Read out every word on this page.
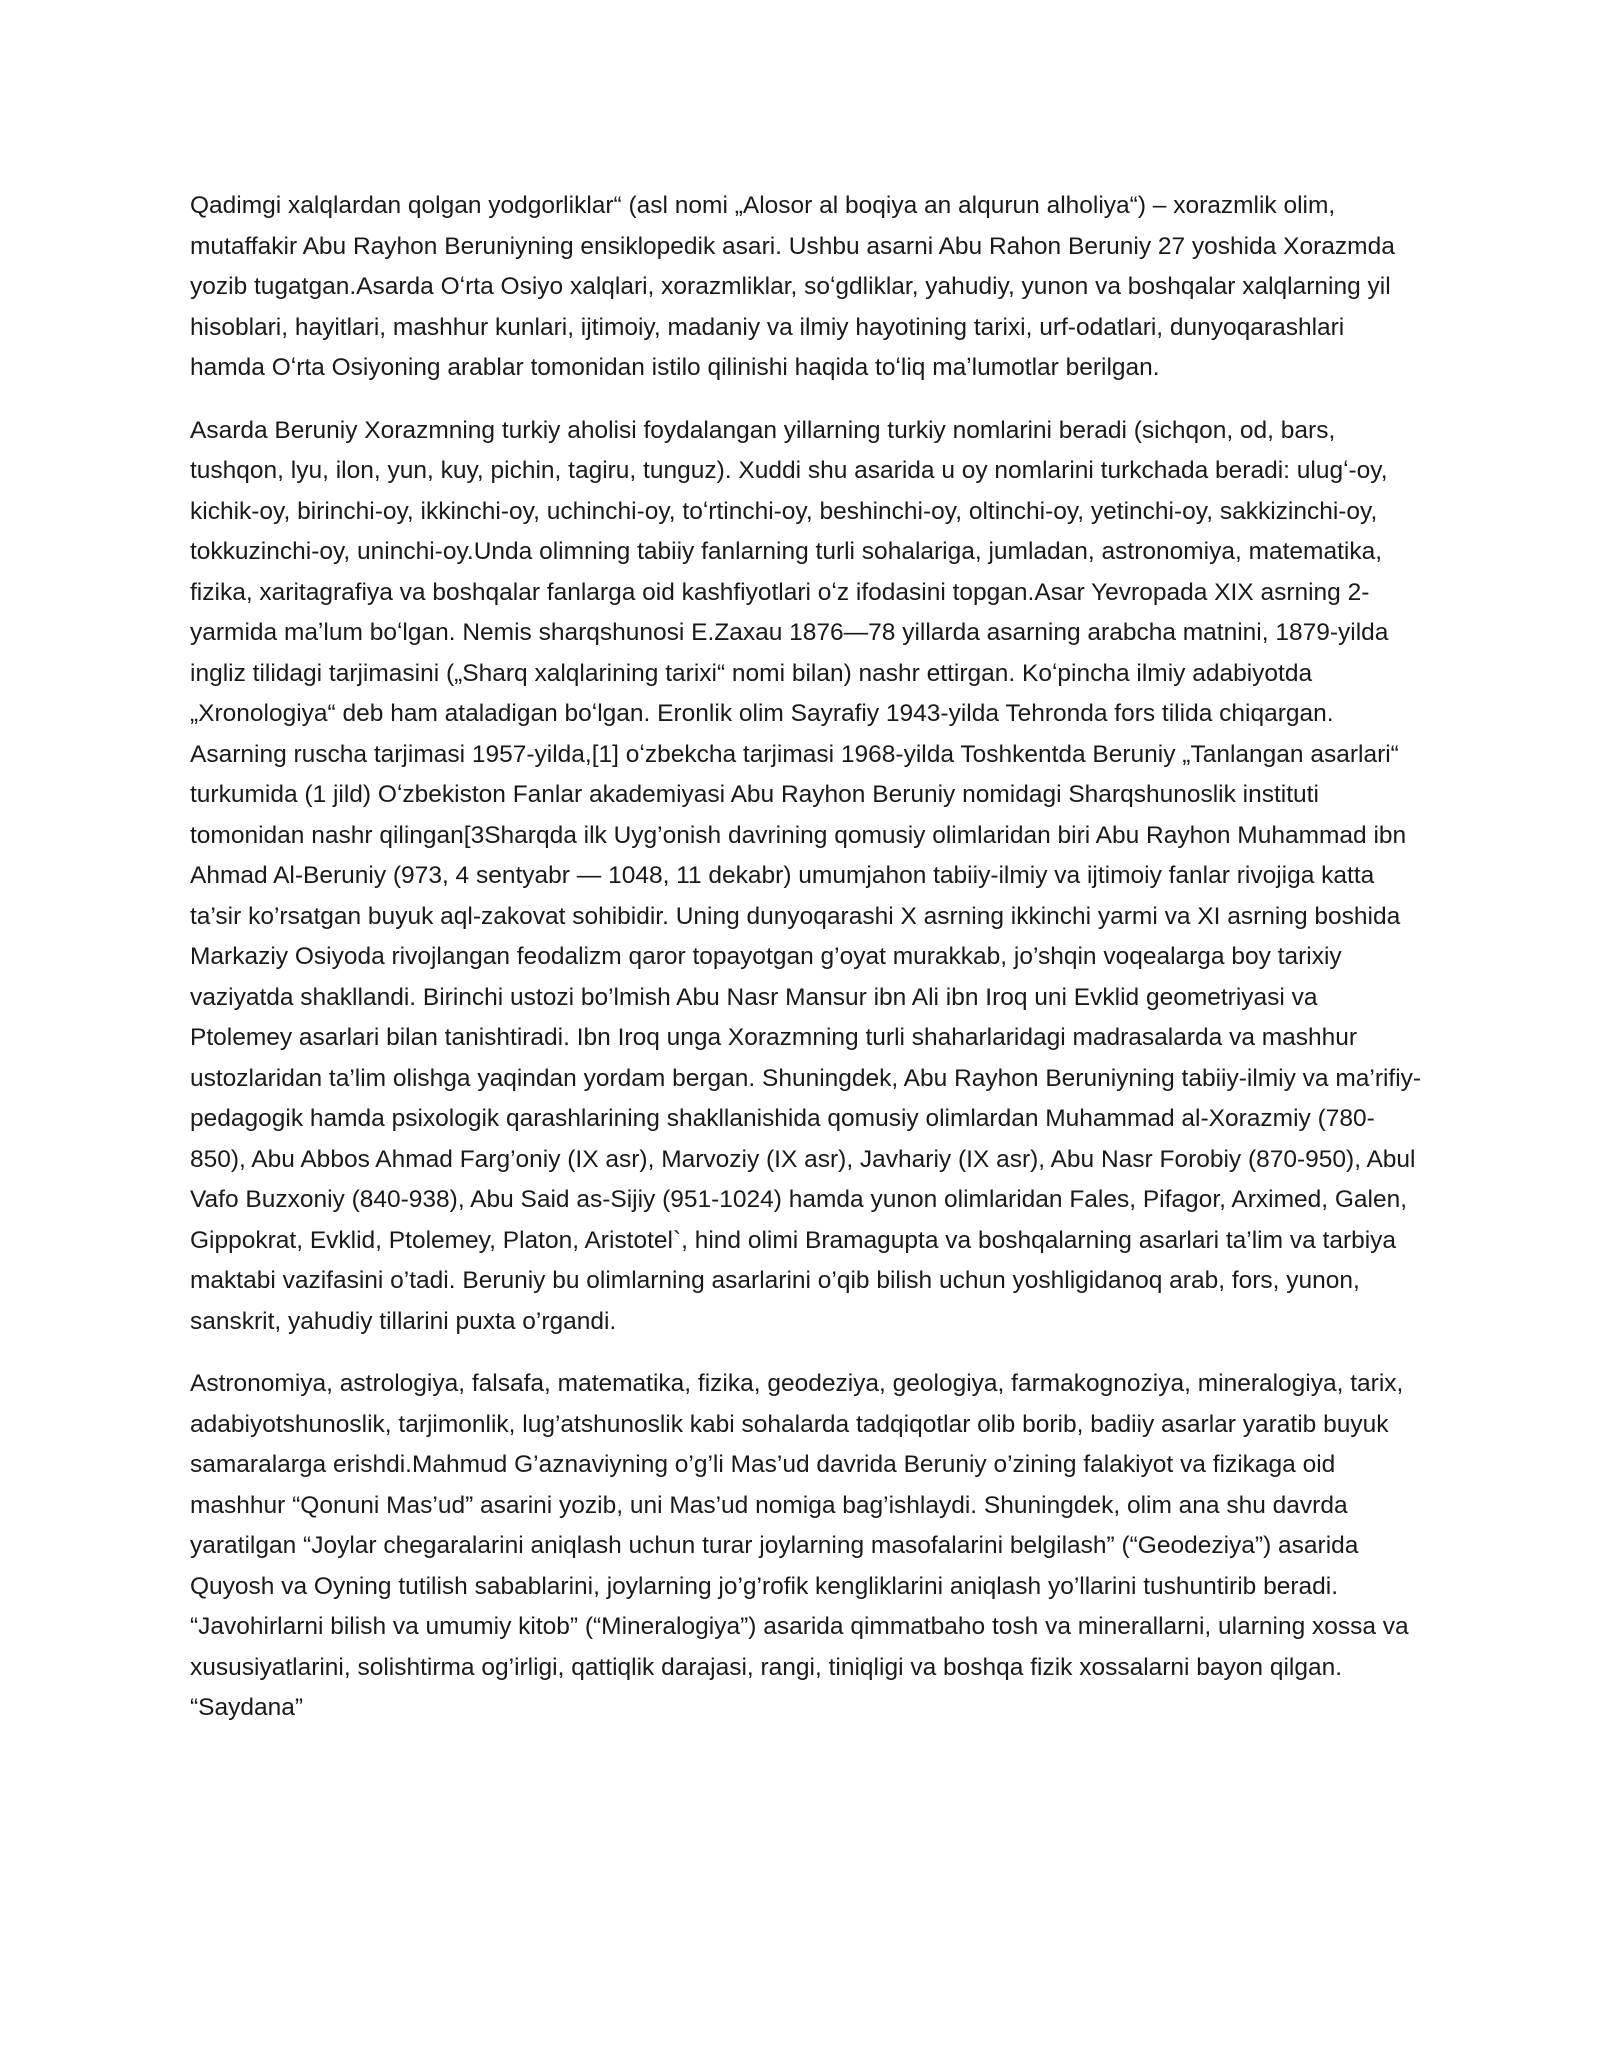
Qadimgi xalqlardan qolgan yodgorliklar“ (asl nomi „Alosor al boqiya an alqurun alholiya“) – xorazmlik olim, mutaffakir Abu Rayhon Beruniyning ensiklopedik asari. Ushbu asarni Abu Rahon Beruniy 27 yoshida Xorazmda yozib tugatgan.Asarda Oʻrta Osiyo xalqlari, xorazmliklar, soʻgdliklar, yahudiy, yunon va boshqalar xalqlarning yil hisoblari, hayitlari, mashhur kunlari, ijtimoiy, madaniy va ilmiy hayotining tarixi, urf-odatlari, dunyoqarashlari hamda Oʻrta Osiyoning arablar tomonidan istilo qilinishi haqida toʻliq maʼlumotlar berilgan.

Asarda Beruniy Xorazmning turkiy aholisi foydalangan yillarning turkiy nomlarini beradi (sichqon, od, bars, tushqon, lyu, ilon, yun, kuy, pichin, tagiru, tunguz). Xuddi shu asarida u oy nomlarini turkchada beradi: ulugʻ-oy, kichik-oy, birinchi-oy, ikkinchi-oy, uchinchi-oy, toʻrtinchi-oy, beshinchi-oy, oltinchi-oy, yetinchi-oy, sakkizinchi-oy, tokkuzinchi-oy, uninchi-oy.Unda olimning tabiiy fanlarning turli sohalariga, jumladan, astronomiya, matematika, fizika, xaritagrafiya va boshqalar fanlarga oid kashfiyotlari oʻz ifodasini topgan.Asar Yevropada XIX asrning 2-yarmida maʼlum boʻlgan. Nemis sharqshunosi E.Zaxau 1876—78 yillarda asarning arabcha matnini, 1879-yilda ingliz tilidagi tarjimasini („Sharq xalqlarining tarixi“ nomi bilan) nashr ettirgan. Koʻpincha ilmiy adabiyotda „Xronologiya“ deb ham ataladigan boʻlgan. Eronlik olim Sayrafiy 1943-yilda Tehronda fors tilida chiqargan. Asarning ruscha tarjimasi 1957-yilda,[1] oʻzbekcha tarjimasi 1968-yilda Toshkentda Beruniy „Tanlangan asarlari“ turkumida (1 jild) Oʻzbekiston Fanlar akademiyasi Abu Rayhon Beruniy nomidagi Sharqshunoslik instituti tomonidan nashr qilingan[3Sharqda ilk Uyg’onish davrining qomusiy olimlaridan biri Abu Rayhon Muhammad ibn Ahmad Al-Beruniy (973, 4 sentyabr — 1048, 11 dekabr) umumjahon tabiiy-ilmiy va ijtimoiy fanlar rivojiga katta ta’sir ko’rsatgan buyuk aql-zakovat sohibidir. Uning dunyoqarashi X asrning ikkinchi yarmi va XI asrning boshida Markaziy Osiyoda rivojlangan feodalizm qaror topayotgan g’oyat murakkab, jo’shqin voqealarga boy tarixiy vaziyatda shakllandi. Birinchi ustozi bo’lmish Abu Nasr Mansur ibn Ali ibn Iroq uni Evklid geometriyasi va Ptolemey asarlari bilan tanishtiradi. Ibn Iroq unga Xorazmning turli shaharlaridagi madrasalarda va mashhur ustozlaridan ta’lim olishga yaqindan yordam bergan. Shuningdek, Abu Rayhon Beruniyning tabiiy-ilmiy va ma’rifiy-pedagogik hamda psixologik qarashlarining shakllanishida qomusiy olimlardan Muhammad al-Xorazmiy (780-850), Abu Abbos Ahmad Farg’oniy (IX asr), Marvoziy (IX asr), Javhariy (IX asr), Abu Nasr Forobiy (870-950), Abul Vafo Buzxoniy (840-938), Abu Said as-Sijiy (951-1024) hamda yunon olimlaridan Fales, Pifagor, Arximed, Galen, Gippokrat, Evklid, Ptolemey, Platon, Aristotel`, hind olimi Bramagupta va boshqalarning asarlari ta’lim va tarbiya maktabi vazifasini o’tadi. Beruniy bu olimlarning asarlarini o’qib bilish uchun yoshligidanoq arab, fors, yunon, sanskrit, yahudiy tillarini puxta o’rgandi.

Astronomiya, astrologiya, falsafa, matematika, fizika, geodeziya, geologiya, farmakognoziya, mineralogiya, tarix, adabiyotshunoslik, tarjimonlik, lug’atshunoslik kabi sohalarda tadqiqotlar olib borib, badiiy asarlar yaratib buyuk samaralarga erishdi.Mahmud G’aznaviyning o’g’li Mas’ud davrida Beruniy o’zining falakiyot va fizikaga oid mashhur “Qonuni Mas’ud” asarini yozib, uni Mas’ud nomiga bag’ishlaydi. Shuningdek, olim ana shu davrda yaratilgan “Joylar chegaralarini aniqlash uchun turar joylarning masofalarini belgilash” (“Geodeziya”) asarida Quyosh va Oyning tutilish sabablarini, joylarning jo’g’rofik kengliklarini aniqlash yo’llarini tushuntirib beradi. “Javohirlarni bilish va umumiy kitob” (“Mineralogiya”) asarida qimmatbaho tosh va minerallarni, ularning xossa va xususiyatlarini, solishtirma og’irligi, qattiqlik darajasi, rangi, tiniqligi va boshqa fizik xossalarni bayon qilgan. “Saydana”
